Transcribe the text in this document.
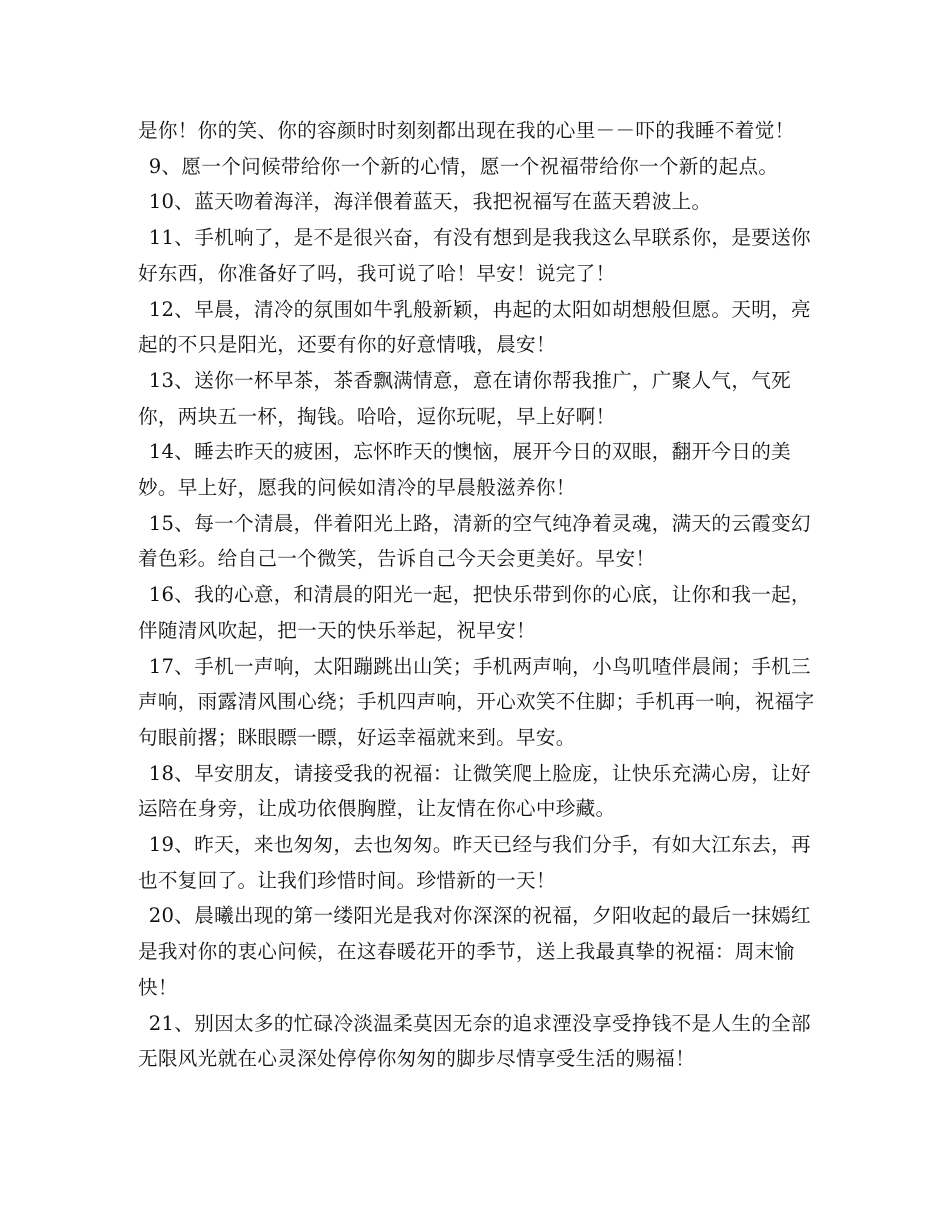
是你！你的笑、你的容颜时时刻刻都出现在我的心里－－吓的我睡不着觉！

9、愿一个问候带给你一个新的心情，愿一个祝福带给你一个新的起点。

10、蓝天吻着海洋，海洋偎着蓝天，我把祝福写在蓝天碧波上。

11、手机响了，是不是很兴奋，有没有想到是我我这么早联系你，是要送你好东西，你准备好了吗，我可说了哈！早安！说完了！

12、早晨，清冷的氛围如牛乳般新颖，冉起的太阳如胡想般但愿。天明，亮起的不只是阳光，还要有你的好意情哦，晨安！

13、送你一杯早茶，茶香飘满情意，意在请你帮我推广，广聚人气，气死你，两块五一杯，掏钱。哈哈，逗你玩呢，早上好啊！

14、睡去昨天的疲困，忘怀昨天的懊恼，展开今日的双眼，翻开今日的美妙。早上好，愿我的问候如清冷的早晨般滋养你！

15、每一个清晨，伴着阳光上路，清新的空气纯净着灵魂，满天的云霞变幻着色彩。给自己一个微笑，告诉自己今天会更美好。早安！

16、我的心意，和清晨的阳光一起，把快乐带到你的心底，让你和我一起，伴随清风吹起，把一天的快乐举起，祝早安！

17、手机一声响，太阳蹦跳出山笑；手机两声响，小鸟叽喳伴晨闹；手机三声响，雨露清风围心绕；手机四声响，开心欢笑不住脚；手机再一响，祝福字句眼前撂；眯眼瞟一瞟，好运幸福就来到。早安。

18、早安朋友，请接受我的祝福：让微笑爬上脸庞，让快乐充满心房，让好运陪在身旁，让成功依偎胸膛，让友情在你心中珍藏。

19、昨天，来也匆匆，去也匆匆。昨天已经与我们分手，有如大江东去，再也不复回了。让我们珍惜时间。珍惜新的一天！

20、晨曦出现的第一缕阳光是我对你深深的祝福，夕阳收起的最后一抹嫣红是我对你的衷心问候，在这春暖花开的季节，送上我最真挚的祝福：周末愉快！

21、别因太多的忙碌冷淡温柔莫因无奈的追求湮没享受挣钱不是人生的全部无限风光就在心灵深处停停你匆匆的脚步尽情享受生活的赐福！
